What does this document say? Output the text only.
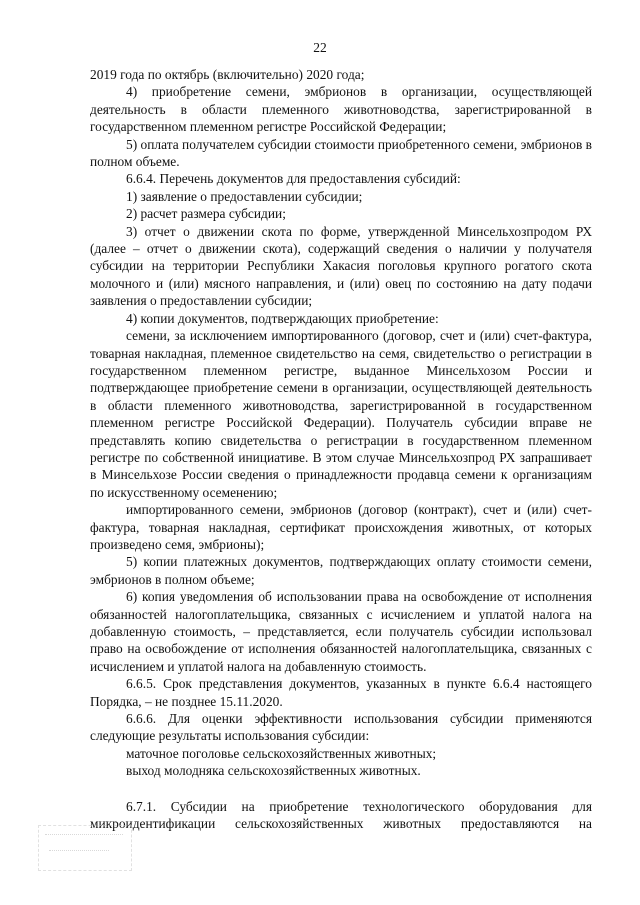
22

2019 года по октябрь (включительно) 2020 года;

4) приобретение семени, эмбрионов в организации, осуществляющей деятельность в области племенного животноводства, зарегистрированной в государственном племенном регистре Российской Федерации;

5) оплата получателем субсидии стоимости приобретенного семени, эмбрионов в полном объеме.

6.6.4. Перечень документов для предоставления субсидий:

1) заявление о предоставлении субсидии;

2) расчет размера субсидии;

3) отчет о движении скота по форме, утвержденной Минсельхозпродом РХ (далее – отчет о движении скота), содержащий сведения о наличии у получателя субсидии на территории Республики Хакасия поголовья крупного рогатого скота молочного и (или) мясного направления, и (или) овец по состоянию на дату подачи заявления о предоставлении субсидии;

4) копии документов, подтверждающих приобретение:

семени, за исключением импортированного (договор, счет и (или) счет-фактура, товарная накладная, племенное свидетельство на семя, свидетельство о регистрации в государственном племенном регистре, выданное Минсельхозом России и подтверждающее приобретение семени в организации, осуществляющей деятельность в области племенного животноводства, зарегистрированной в государственном племенном регистре Российской Федерации). Получатель субсидии вправе не представлять копию свидетельства о регистрации в государственном племенном регистре по собственной инициативе. В этом случае Минсельхозпрод РХ запрашивает в Минсельхозе России сведения о принадлежности продавца семени к организациям по искусственному осеменению;

импортированного семени, эмбрионов (договор (контракт), счет и (или) счет-фактура, товарная накладная, сертификат происхождения животных, от которых произведено семя, эмбрионы);

5) копии платежных документов, подтверждающих оплату стоимости семени, эмбрионов в полном объеме;

6) копия уведомления об использовании права на освобождение от исполнения обязанностей налогоплательщика, связанных с исчислением и уплатой налога на добавленную стоимость, – представляется, если получатель субсидии использовал право на освобождение от исполнения обязанностей налогоплательщика, связанных с исчислением и уплатой налога на добавленную стоимость.

6.6.5. Срок представления документов, указанных в пункте 6.6.4 настоящего Порядка, – не позднее 15.11.2020.

6.6.6. Для оценки эффективности использования субсидии применяются следующие результаты использования субсидии:

маточное поголовье сельскохозяйственных животных;

выход молодняка сельскохозяйственных животных.

6.7.1. Субсидии на приобретение технологического оборудования для микроидентификации сельскохозяйственных животных предоставляются на
